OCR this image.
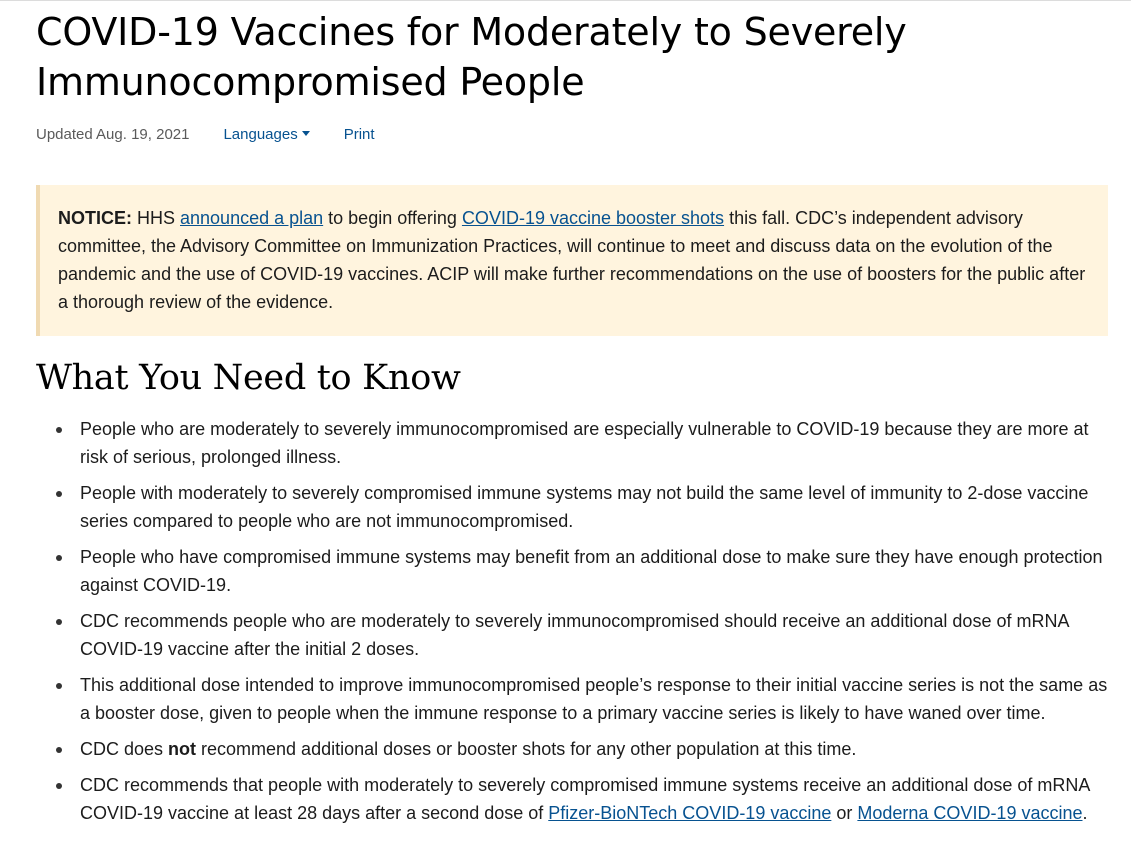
COVID-19 Vaccines for Moderately to Severely Immunocompromised People
Updated Aug. 19, 2021 Languages	Print
NOTICE: HHS announced a plan to begin offering COVID-19 vaccine booster shots this fall. CDC’s independent advisory committee, the Advisory Committee on Immunization Practices, will continue to meet and discuss data on the evolution of the pandemic and the use of COVID-19 vaccines. ACIP will make further recommendations on the use of boosters for the public after a thorough review of the evidence.
What You Need to Know
People who are moderately to severely immunocompromised are especially vulnerable to COVID-19 because they are more at risk of serious, prolonged illness.
People with moderately to severely compromised immune systems may not build the same level of immunity to 2-dose vaccine series compared to people who are not immunocompromised.
People who have compromised immune systems may benefit from an additional dose to make sure they have enough protection against COVID-19.
CDC recommends people who are moderately to severely immunocompromised should receive an additional dose of mRNA COVID-19 vaccine after the initial 2 doses.
This additional dose intended to improve immunocompromised people’s response to their initial vaccine series is not the same as a booster dose, given to people when the immune response to a primary vaccine series is likely to have waned over time.
CDC does not recommend additional doses or booster shots for any other population at this time.
CDC recommends that people with moderately to severely compromised immune systems receive an additional dose of mRNA COVID-19 vaccine at least 28 days after a second dose of Pfizer-BioNTech COVID-19 vaccine or Moderna COVID-19 vaccine.
